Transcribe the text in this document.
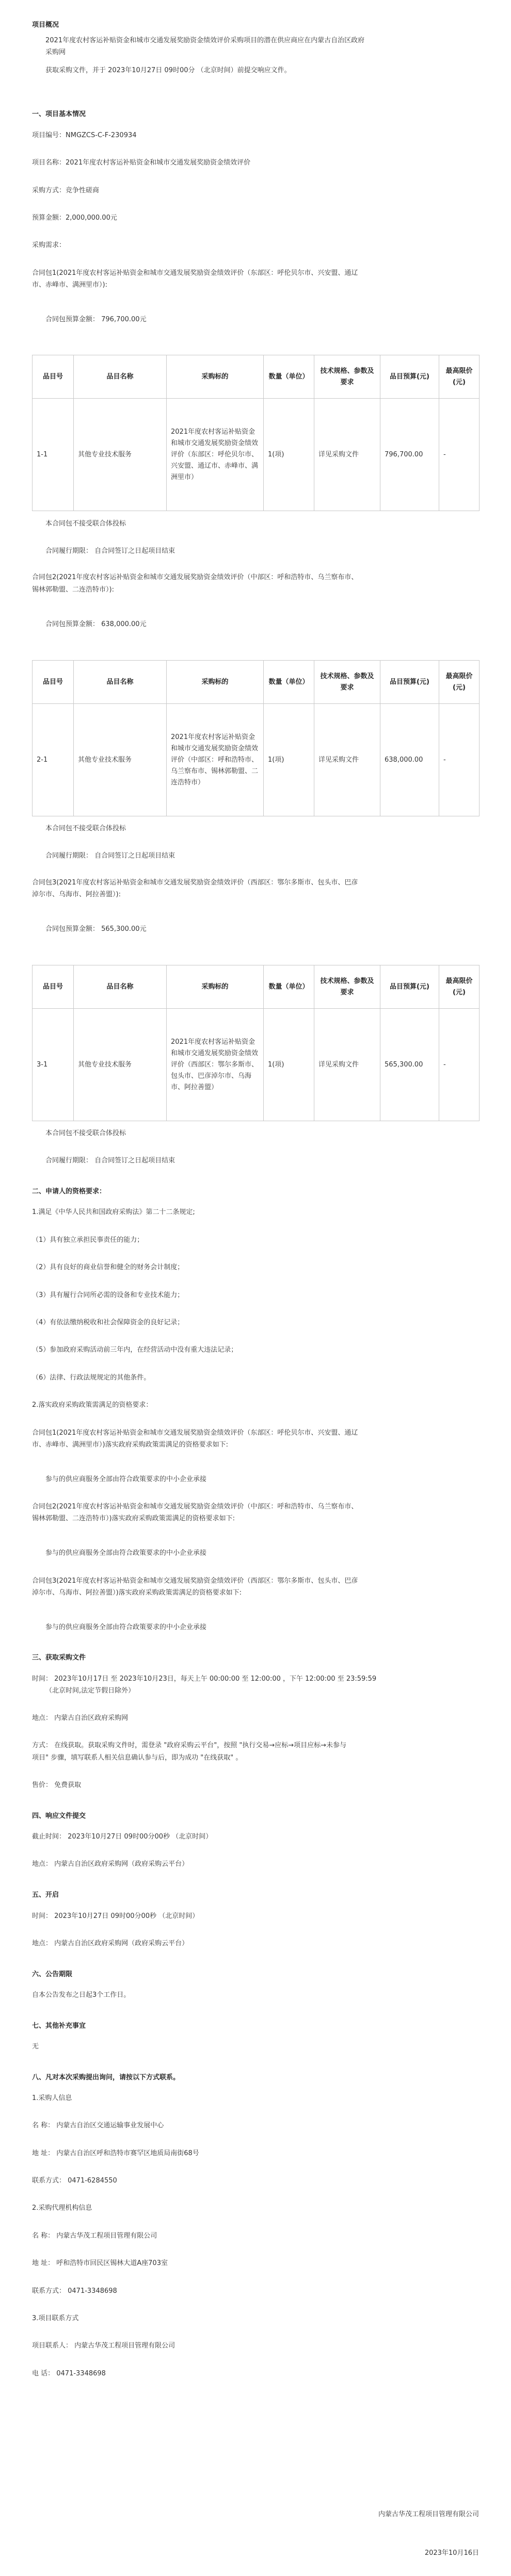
项目概况
2021年度农村客运补贴资金和城市交通发展奖励资金绩效评价采购项目的潜在供应商应在内蒙古自治区政府
采购网
获取采购文件，并于 2023年10月27日 09时00分 （北京时间）前提交响应文件。
一、项目基本情况
项目编号：NMGZCS-C-F-230934
项目名称：2021年度农村客运补贴资金和城市交通发展奖励资金绩效评价
采购方式：竞争性磋商
预算金额：2,000,000.00元
采购需求：
合同包1(2021年度农村客运补贴资金和城市交通发展奖励资金绩效评价（东部区：呼伦贝尔市、兴安盟、通辽
市、赤峰市、满洲里市）):
合同包预算金额： 796,700.00元
品目号	品目名称	采购标的	数量（单位）	技术规格、参数及要求	品目预算(元)	最高限价(元)
1-1	其他专业技术服务	2021年度农村客运补贴资金和城市交通发展奖励资金绩效评价（东部区：呼伦贝尔市、兴安盟、通辽市、赤峰市、满洲里市）	1(项)	详见采购文件	796,700.00	-
本合同包不接受联合体投标
合同履行期限： 自合同签订之日起项目结束
合同包2(2021年度农村客运补贴资金和城市交通发展奖励资金绩效评价（中部区：呼和浩特市、乌兰察布市、
锡林郭勒盟、二连浩特市）):
合同包预算金额： 638,000.00元
品目号	品目名称	采购标的	数量（单位）	技术规格、参数及要求	品目预算(元)	最高限价(元)
2-1	其他专业技术服务	2021年度农村客运补贴资金和城市交通发展奖励资金绩效评价（中部区：呼和浩特市、乌兰察布市、锡林郭勒盟、二连浩特市）	1(项)	详见采购文件	638,000.00	-
本合同包不接受联合体投标
合同履行期限： 自合同签订之日起项目结束
合同包3(2021年度农村客运补贴资金和城市交通发展奖励资金绩效评价（西部区：鄂尔多斯市、包头市、巴彦
淖尔市、乌海市、阿拉善盟）):
合同包预算金额： 565,300.00元
品目号	品目名称	采购标的	数量（单位）	技术规格、参数及要求	品目预算(元)	最高限价(元)
3-1	其他专业技术服务	2021年度农村客运补贴资金和城市交通发展奖励资金绩效评价（西部区：鄂尔多斯市、包头市、巴彦淖尔市、乌海市、阿拉善盟）	1(项)	详见采购文件	565,300.00	-
本合同包不接受联合体投标
合同履行期限： 自合同签订之日起项目结束
二、申请人的资格要求：
1.满足《中华人民共和国政府采购法》第二十二条规定;
（1）具有独立承担民事责任的能力；
（2）具有良好的商业信誉和健全的财务会计制度；
（3）具有履行合同所必需的设备和专业技术能力；
（4）有依法缴纳税收和社会保障资金的良好记录；
（5）参加政府采购活动前三年内，在经营活动中没有重大违法记录；
（6）法律、行政法规规定的其他条件。
2.落实政府采购政策需满足的资格要求：
合同包1(2021年度农村客运补贴资金和城市交通发展奖励资金绩效评价（东部区：呼伦贝尔市、兴安盟、通辽
市、赤峰市、满洲里市）)落实政府采购政策需满足的资格要求如下:
参与的供应商服务全部由符合政策要求的中小企业承接
合同包2(2021年度农村客运补贴资金和城市交通发展奖励资金绩效评价（中部区：呼和浩特市、乌兰察布市、
锡林郭勒盟、二连浩特市）)落实政府采购政策需满足的资格要求如下:
参与的供应商服务全部由符合政策要求的中小企业承接
合同包3(2021年度农村客运补贴资金和城市交通发展奖励资金绩效评价（西部区：鄂尔多斯市、包头市、巴彦
淖尔市、乌海市、阿拉善盟）)落实政府采购政策需满足的资格要求如下:
参与的供应商服务全部由符合政策要求的中小企业承接
三、获取采购文件
时间： 2023年10月17日 至 2023年10月23日，每天上午 00:00:00 至 12:00:00 ，下午 12:00:00 至 23:59:59
（北京时间,法定节假日除外）
地点： 内蒙古自治区政府采购网
方式： 在线获取。获取采购文件时，需登录 "政府采购云平台"，按照 "执行交易→应标→项目应标→未参与
项目" 步骤，填写联系人相关信息确认参与后，即为成功 "在线获取" 。
售价： 免费获取
四、响应文件提交
截止时间： 2023年10月27日 09时00分00秒 （北京时间）
地点： 内蒙古自治区政府采购网（政府采购云平台）
五、开启
时间： 2023年10月27日 09时00分00秒 （北京时间）
地点： 内蒙古自治区政府采购网（政府采购云平台）
六、公告期限
自本公告发布之日起3个工作日。
七、其他补充事宜
无
八、凡对本次采购提出询问，请按以下方式联系。
1.采购人信息
名 称： 内蒙古自治区交通运输事业发展中心
地 址： 内蒙古自治区呼和浩特市赛罕区地质局南街68号
联系方式： 0471-6284550
2.采购代理机构信息
名 称： 内蒙古华茂工程项目管理有限公司
地 址： 呼和浩特市回民区锡林大道A座703室
联系方式： 0471-3348698
3.项目联系方式
项目联系人： 内蒙古华茂工程项目管理有限公司
电 话： 0471-3348698
内蒙古华茂工程项目管理有限公司
2023年10月16日
